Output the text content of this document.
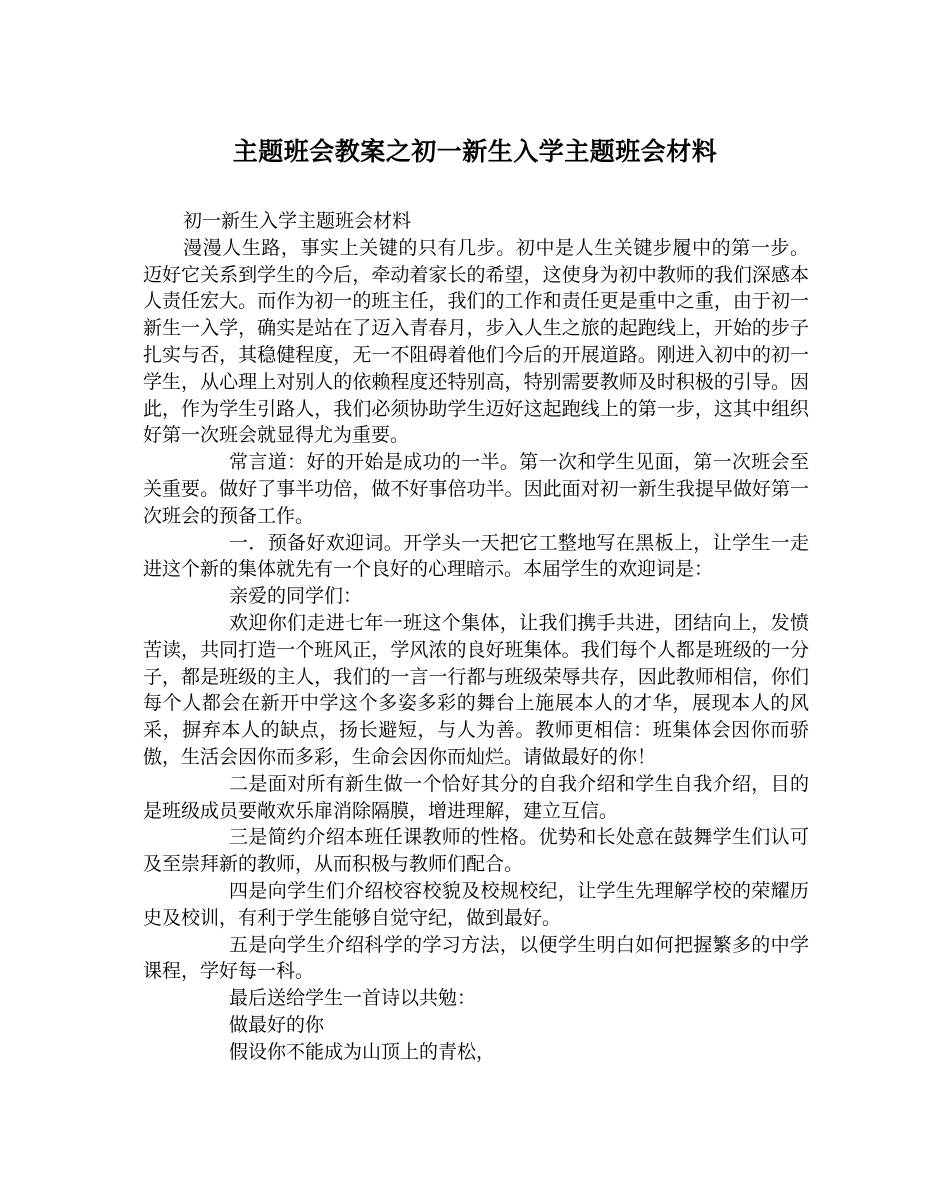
主题班会教案之初一新生入学主题班会材料

初一新生入学主题班会材料

漫漫人生路，事实上关键的只有几步。初中是人生关键步履中的第一步。迈好它关系到学生的今后，牵动着家长的希望，这使身为初中教师的我们深感本人责任宏大。而作为初一的班主任，我们的工作和责任更是重中之重，由于初一新生一入学，确实是站在了迈入青春月，步入人生之旅的起跑线上，开始的步子扎实与否，其稳健程度，无一不阻碍着他们今后的开展道路。刚进入初中的初一学生，从心理上对别人的依赖程度还特别高，特别需要教师及时积极的引导。因此，作为学生引路人，我们必须协助学生迈好这起跑线上的第一步，这其中组织好第一次班会就显得尤为重要。

常言道：好的开始是成功的一半。第一次和学生见面，第一次班会至关重要。做好了事半功倍，做不好事倍功半。因此面对初一新生我提早做好第一次班会的预备工作。

一．预备好欢迎词。开学头一天把它工整地写在黑板上，让学生一走进这个新的集体就先有一个良好的心理暗示。本届学生的欢迎词是：

亲爱的同学们：

欢迎你们走进七年一班这个集体，让我们携手共进，团结向上，发愤苦读，共同打造一个班风正，学风浓的良好班集体。我们每个人都是班级的一分子，都是班级的主人，我们的一言一行都与班级荣辱共存，因此教师相信，你们每个人都会在新开中学这个多姿多彩的舞台上施展本人的才华，展现本人的风采，摒弃本人的缺点，扬长避短，与人为善。教师更相信：班集体会因你而骄傲，生活会因你而多彩，生命会因你而灿烂。请做最好的你！

二是面对所有新生做一个恰好其分的自我介绍和学生自我介绍，目的是班级成员要敞欢乐扉消除隔膜，增进理解，建立互信。

三是简约介绍本班任课教师的性格。优势和长处意在鼓舞学生们认可及至崇拜新的教师，从而积极与教师们配合。

四是向学生们介绍校容校貌及校规校纪，让学生先理解学校的荣耀历史及校训，有利于学生能够自觉守纪，做到最好。

五是向学生介绍科学的学习方法，以便学生明白如何把握繁多的中学课程，学好每一科。

最后送给学生一首诗以共勉：

做最好的你

假设你不能成为山顶上的青松，
